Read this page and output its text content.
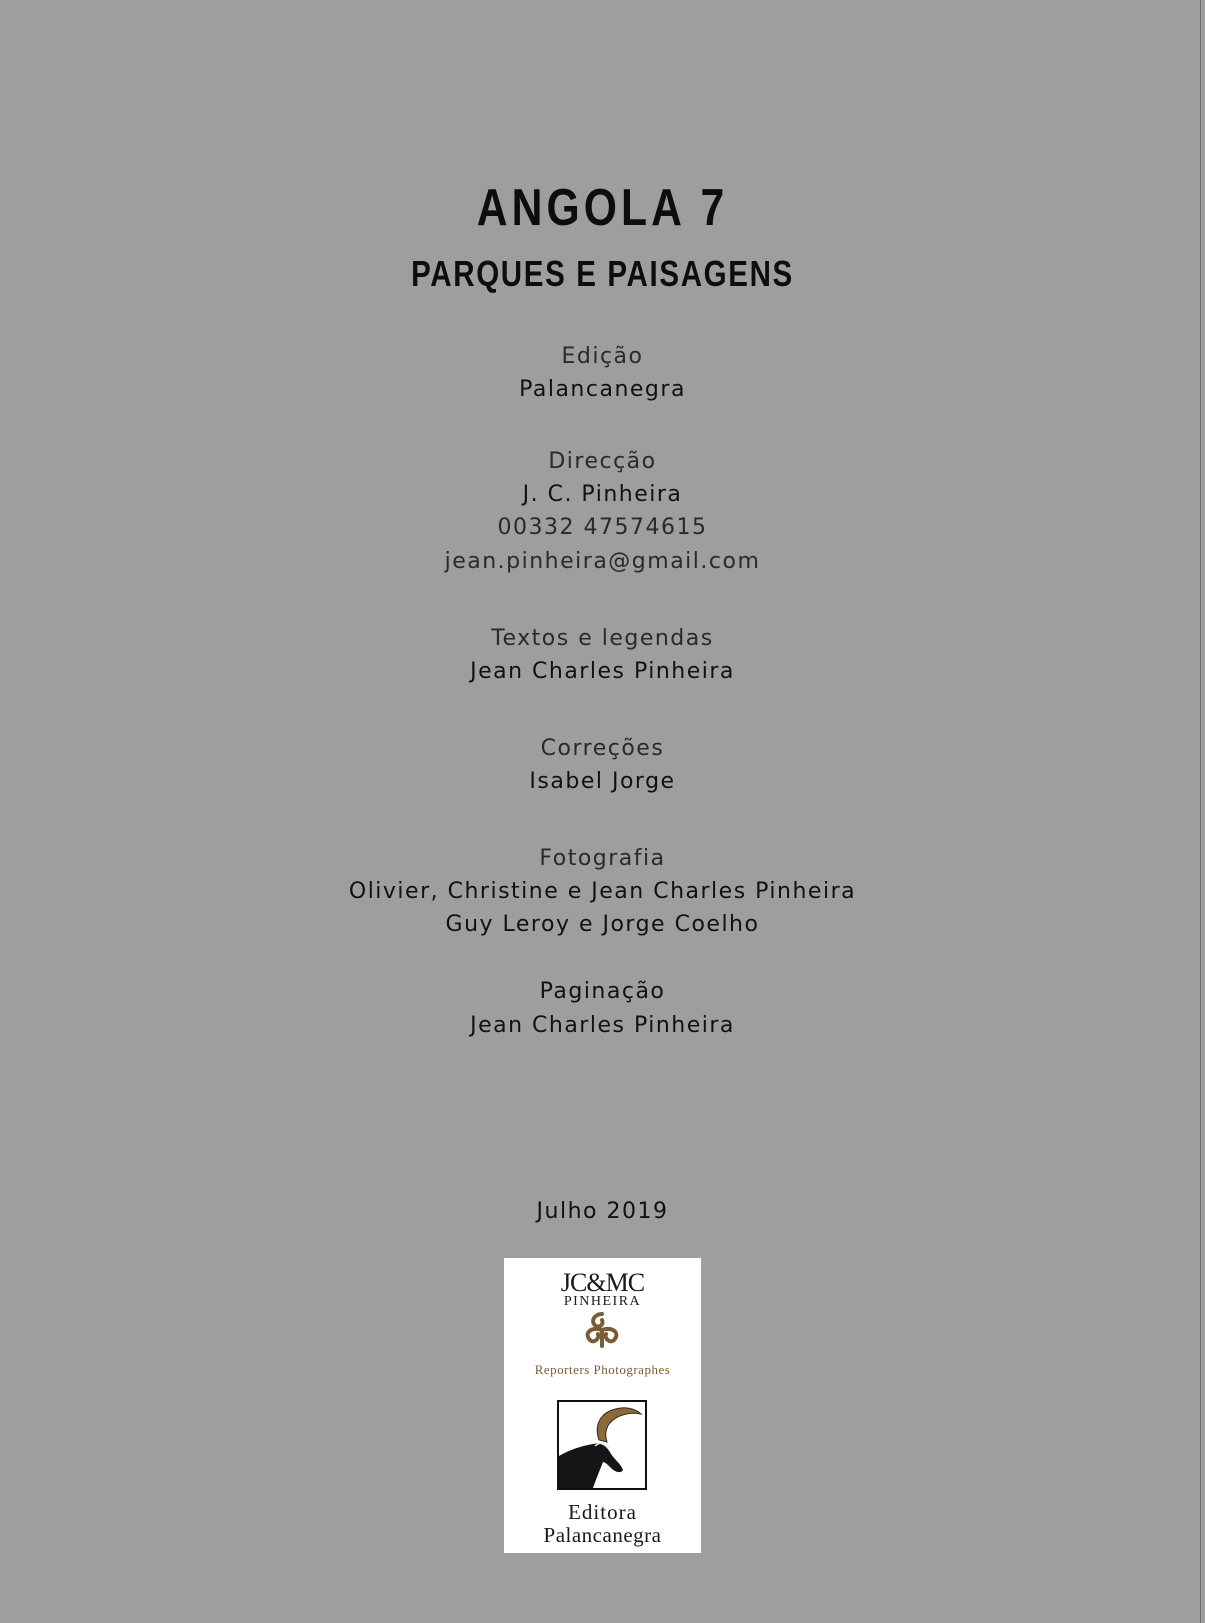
ANGOLA 7
PARQUES E PAISAGENS
Edição
Palancanegra
Direcção
J. C. Pinheira
00332 47574615
jean.pinheira@gmail.com
Textos e legendas
Jean Charles Pinheira
Correções
Isabel Jorge
Fotografia
Olivier, Christine e Jean Charles Pinheira
Guy Leroy e Jorge Coelho
Paginação
Jean Charles Pinheira
Julho 2019
JC&MC
PINHEIRA
Reporters Photographes
Editora
Palancanegra
